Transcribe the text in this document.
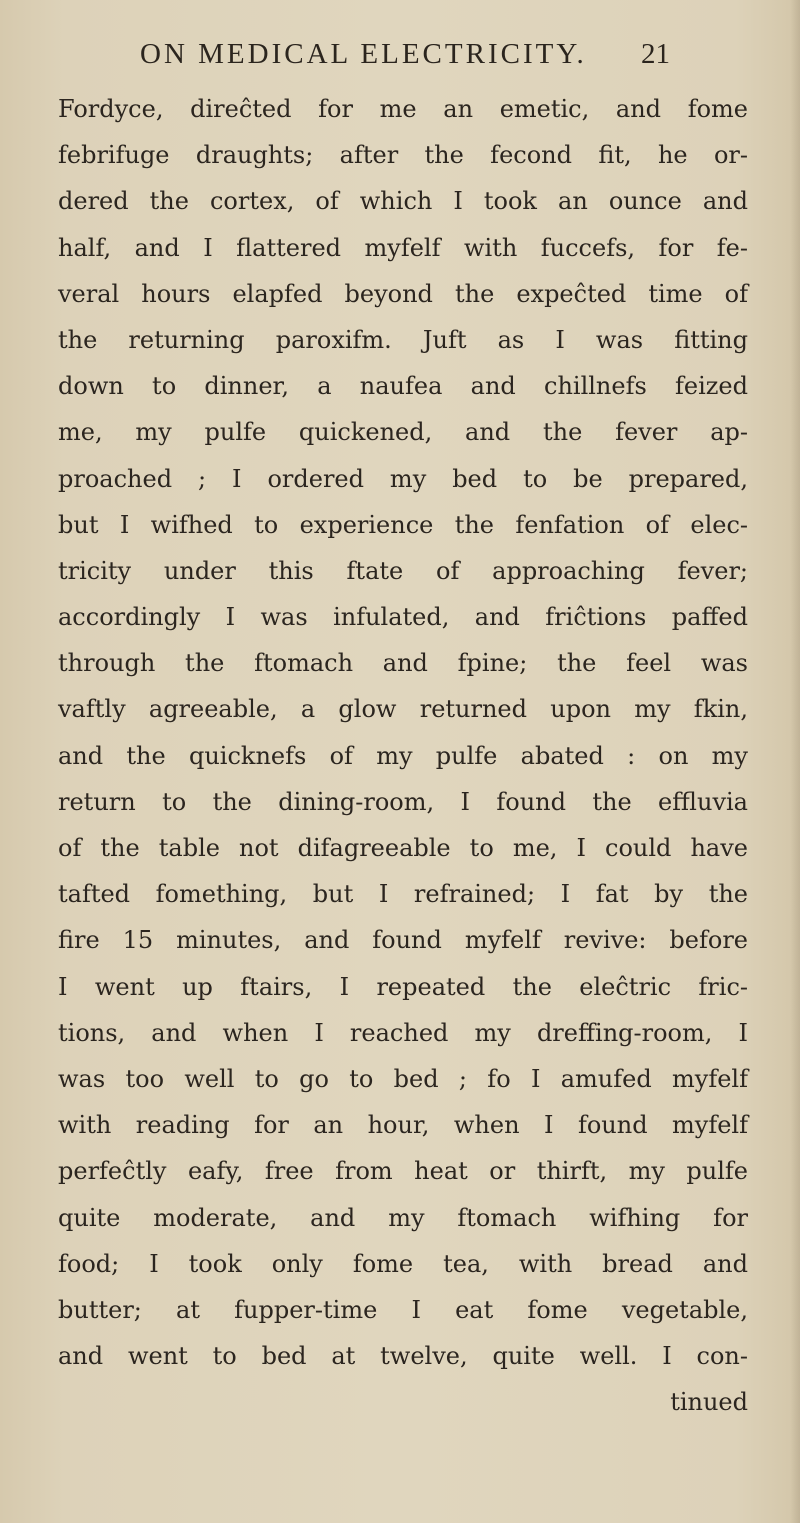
ON MEDICAL ELECTRICITY. 21
Fordyce, direĉted for me an emetic, and fome
febrifuge draughts; after the fecond fit, he or-
dered the cortex, of which I took an ounce and
half, and I flattered myfelf with fuccefs, for fe-
veral hours elapfed beyond the expeĉted time of
the returning paroxifm. Juft as I was fitting
down to dinner, a naufea and chillnefs feized
me, my pulfe quickened, and the fever ap-
proached ; I ordered my bed to be prepared,
but I wifhed to experience the fenfation of elec-
tricity under this ftate of approaching fever;
accordingly I was infulated, and friĉtions paffed
through the ftomach and fpine; the feel was
vaftly agreeable, a glow returned upon my fkin,
and the quicknefs of my pulfe abated : on my
return to the dining-room, I found the effluvia
of the table not difagreeable to me, I could have
tafted fomething, but I refrained; I fat by the
fire 15 minutes, and found myfelf revive: before
I went up ftairs, I repeated the eleĉtric fric-
tions, and when I reached my dreffing-room, I
was too well to go to bed ; fo I amufed myfelf
with reading for an hour, when I found myfelf
perfeĉtly eafy, free from heat or thirft, my pulfe
quite moderate, and my ftomach wifhing for
food; I took only fome tea, with bread and
butter; at fupper-time I eat fome vegetable,
and went to bed at twelve, quite well. I con-
tinued
